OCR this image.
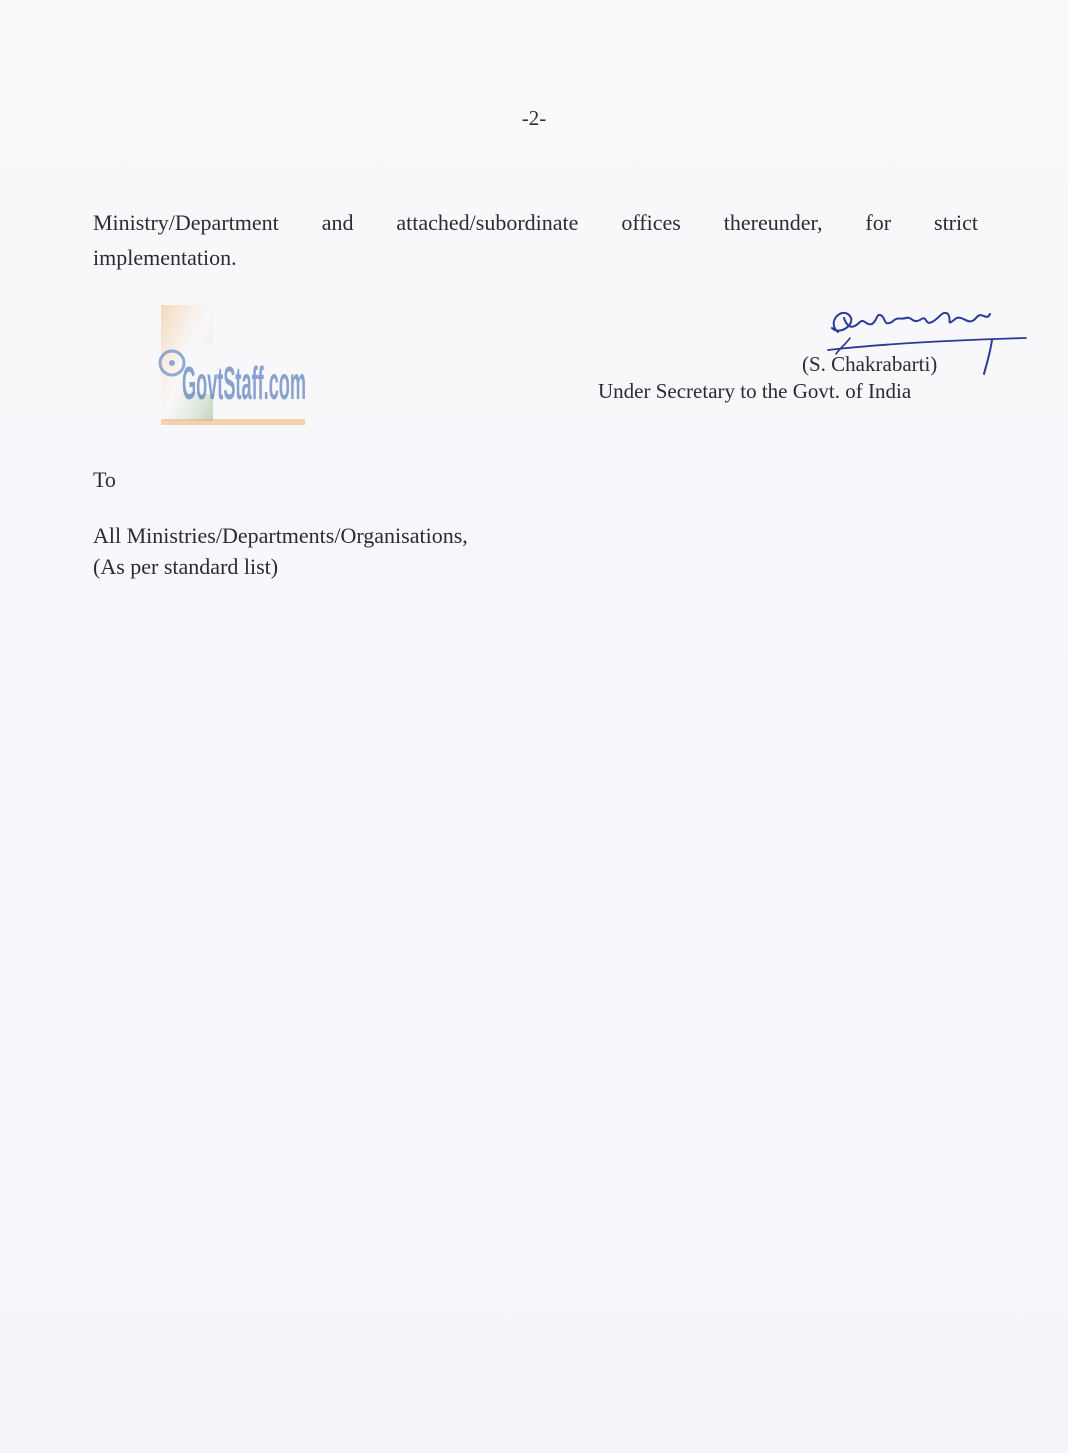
-2-
Ministry/Department and attached/subordinate offices thereunder, for strict
implementation.
GovtStaff.com	(S. Chakrabarti)
Under Secretary to the Govt. of India
To
All Ministries/Departments/Organisations,
(As per standard list)
